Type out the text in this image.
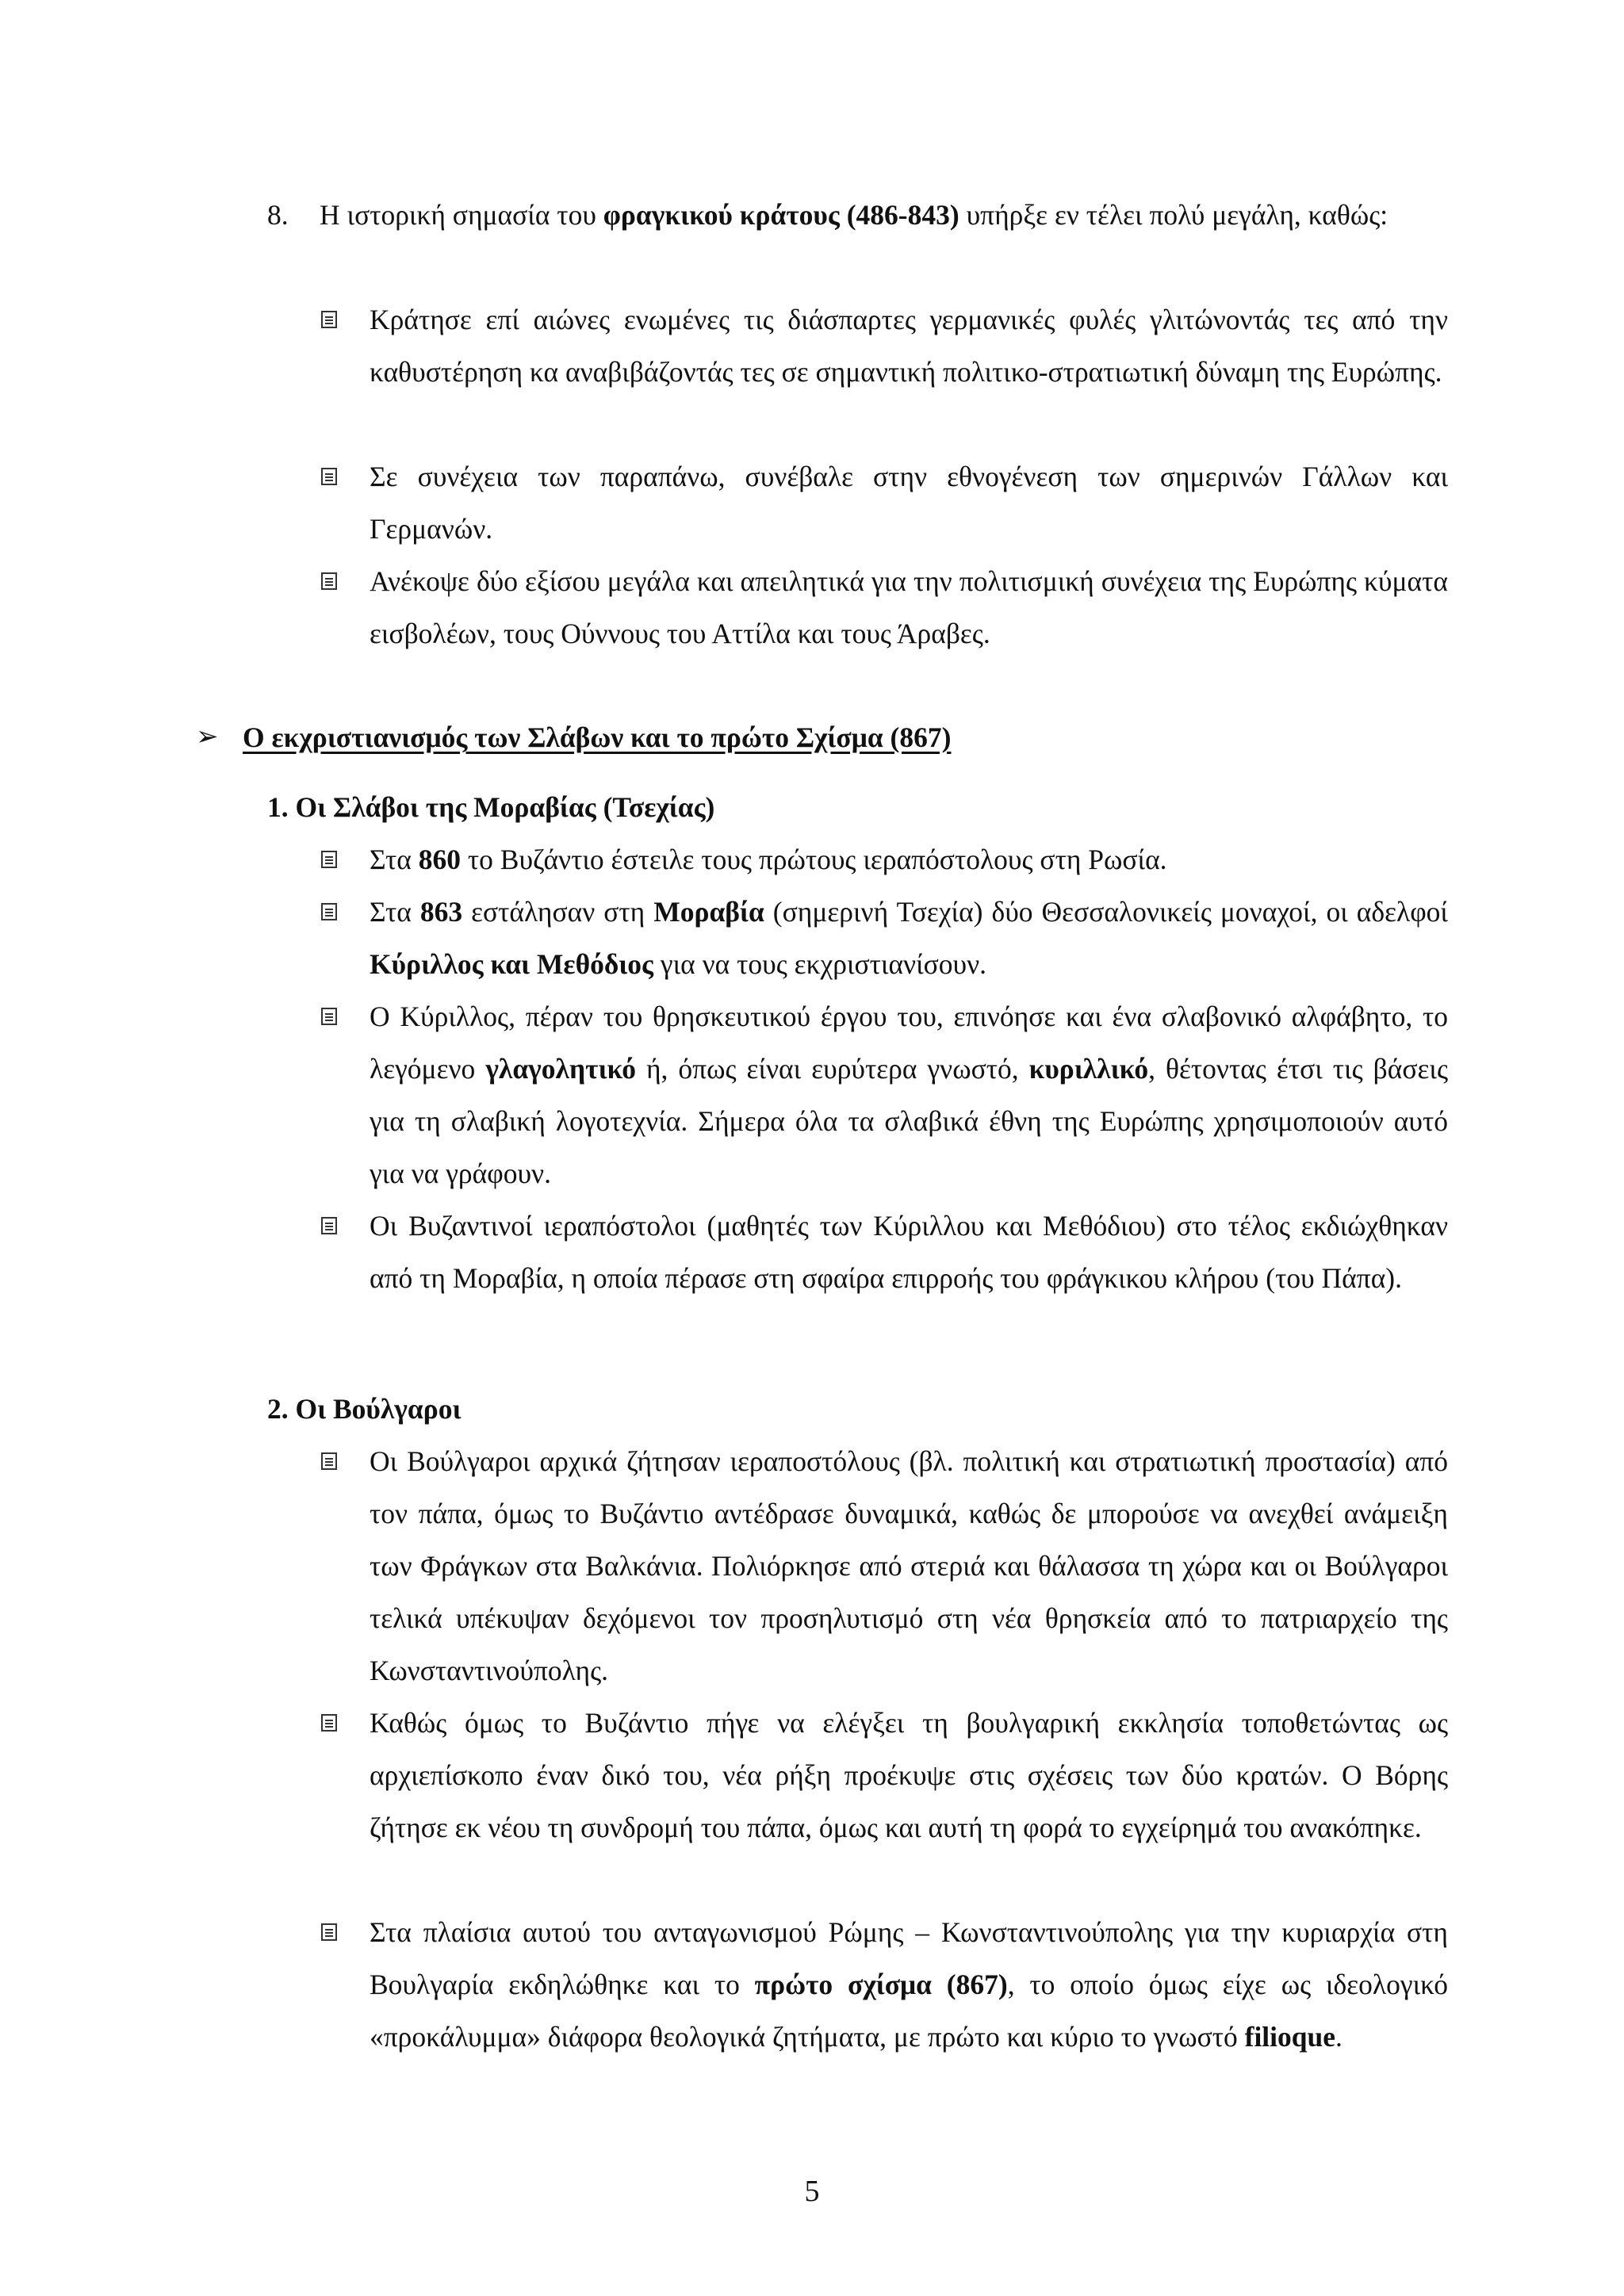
8. Η ιστορική σημασία του φραγκικού κράτους (486-843) υπήρξε εν τέλει πολύ μεγάλη, καθώς:
Κράτησε επί αιώνες ενωμένες τις διάσπαρτες γερμανικές φυλές γλιτώνοντάς τες από την καθυστέρηση κα αναβιβάζοντάς τες σε σημαντική πολιτικο-στρατιωτική δύναμη της Ευρώπης.
Σε συνέχεια των παραπάνω, συνέβαλε στην εθνογένεση των σημερινών Γάλλων και Γερμανών.
Ανέκοψε δύο εξίσου μεγάλα και απειλητικά για την πολιτισμική συνέχεια της Ευρώπης κύματα εισβολέων, τους Ούννους του Αττίλα και τους Άραβες.
➢ Ο εκχριστιανισμός των Σλάβων και το πρώτο Σχίσμα (867)
1. Οι Σλάβοι της Μοραβίας (Τσεχίας)
Στα 860 το Βυζάντιο έστειλε τους πρώτους ιεραπόστολους στη Ρωσία.
Στα 863 εστάλησαν στη Μοραβία (σημερινή Τσεχία) δύο Θεσσαλονικείς μοναχοί, οι αδελφοί Κύριλλος και Μεθόδιος για να τους εκχριστιανίσουν.
Ο Κύριλλος, πέραν του θρησκευτικού έργου του, επινόησε και ένα σλαβονικό αλφάβητο, το λεγόμενο γλαγολητικό ή, όπως είναι ευρύτερα γνωστό, κυριλλικό, θέτοντας έτσι τις βάσεις για τη σλαβική λογοτεχνία. Σήμερα όλα τα σλαβικά έθνη της Ευρώπης χρησιμοποιούν αυτό για να γράφουν.
Οι Βυζαντινοί ιεραπόστολοι (μαθητές των Κύριλλου και Μεθόδιου) στο τέλος εκδιώχθηκαν από τη Μοραβία, η οποία πέρασε στη σφαίρα επιρροής του φράγκικου κλήρου (του Πάπα).
2. Οι Βούλγαροι
Οι Βούλγαροι αρχικά ζήτησαν ιεραποστόλους (βλ. πολιτική και στρατιωτική προστασία) από τον πάπα, όμως το Βυζάντιο αντέδρασε δυναμικά, καθώς δε μπορούσε να ανεχθεί ανάμειξη των Φράγκων στα Βαλκάνια. Πολιόρκησε από στεριά και θάλασσα τη χώρα και οι Βούλγαροι τελικά υπέκυψαν δεχόμενοι τον προσηλυτισμό στη νέα θρησκεία από το πατριαρχείο της Κωνσταντινούπολης.
Καθώς όμως το Βυζάντιο πήγε να ελέγξει τη βουλγαρική εκκλησία τοποθετώντας ως αρχιεπίσκοπο έναν δικό του, νέα ρήξη προέκυψε στις σχέσεις των δύο κρατών. Ο Βόρης ζήτησε εκ νέου τη συνδρομή του πάπα, όμως και αυτή τη φορά το εγχείρημά του ανακόπηκε.
Στα πλαίσια αυτού του ανταγωνισμού Ρώμης – Κωνσταντινούπολης για την κυριαρχία στη Βουλγαρία εκδηλώθηκε και το πρώτο σχίσμα (867), το οποίο όμως είχε ως ιδεολογικό «προκάλυμμα» διάφορα θεολογικά ζητήματα, με πρώτο και κύριο το γνωστό filioque.
5
